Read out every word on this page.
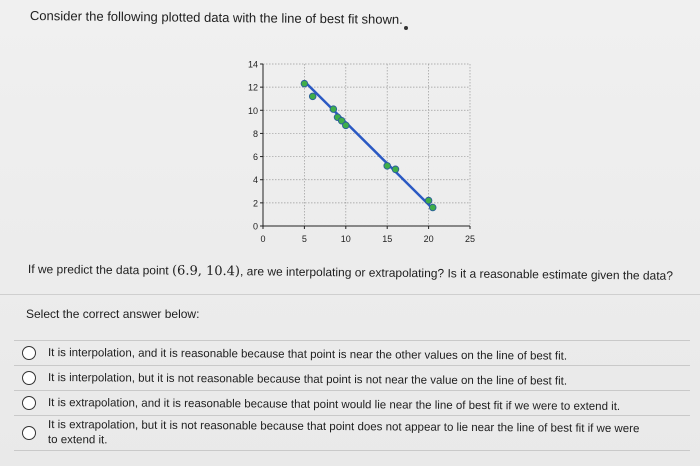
Consider the following plotted data with the line of best fit shown.
0
2
4
6
8
10
12
14
0	5	10	15	20	25
If we predict the data point (6.9, 10.4), are we interpolating or extrapolating? Is it a reasonable estimate given the data?
Select the correct answer below:
It is interpolation, and it is reasonable because that point is near the other values on the line of best fit.
It is interpolation, but it is not reasonable because that point is not near the value on the line of best fit.
It is extrapolation, and it is reasonable because that point would lie near the line of best fit if we were to extend it.
It is extrapolation, but it is not reasonable because that point does not appear to lie near the line of best fit if we were to extend it.
